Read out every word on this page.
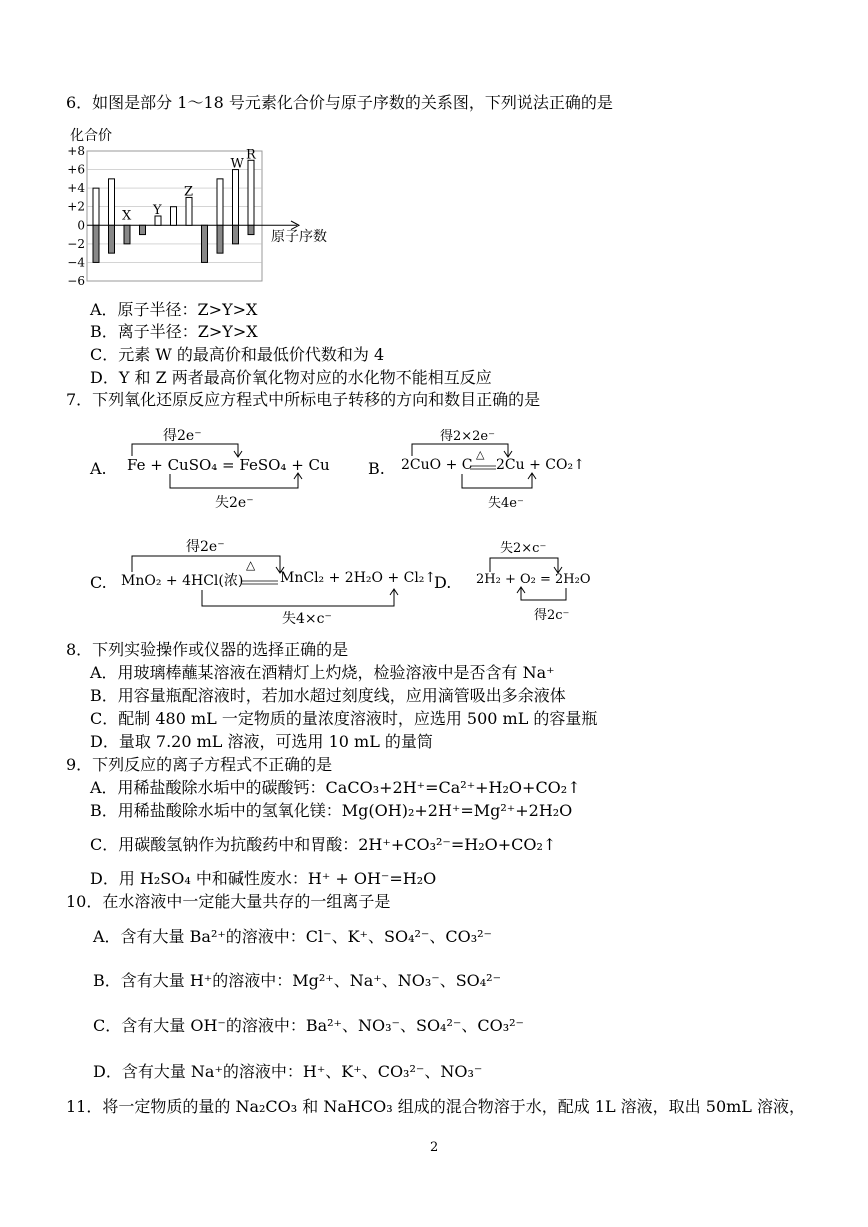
6．如图是部分 1～18 号元素化合价与原子序数的关系图，下列说法正确的是
化合价
+8
+6
+4
+2
0
−2
−4
−6
X Y
Z
W
R
原子序数
A．原子半径：Z>Y>X
B．离子半径：Z>Y>X
C．元素 W 的最高价和最低价代数和为 4
D．Y 和 Z 两者最高价氧化物对应的水化物不能相互反应
7．下列氧化还原反应方程式中所标电子转移的方向和数目正确的是
A.
得2e⁻
Fe + CuSO₄ = FeSO₄ + Cu
失2e⁻
B.
得2×2e⁻
2CuO + C
△
2Cu + CO₂↑
失4e⁻
C.
得2e⁻
MnO₂ + 4HCl(浓)
△
MnCl₂ + 2H₂O + Cl₂↑
失4×c⁻
D.
失2×c⁻
2H₂ + O₂ = 2H₂O
得2c⁻
8．下列实验操作或仪器的选择正确的是
A．用玻璃棒蘸某溶液在酒精灯上灼烧，检验溶液中是否含有 Na⁺
B．用容量瓶配溶液时，若加水超过刻度线，应用滴管吸出多余液体
C．配制 480 mL 一定物质的量浓度溶液时，应选用 500 mL 的容量瓶
D．量取 7.20 mL 溶液，可选用 10 mL 的量筒
9．下列反应的离子方程式不正确的是
A．用稀盐酸除水垢中的碳酸钙：CaCO₃+2H⁺=Ca²⁺+H₂O+CO₂↑
B．用稀盐酸除水垢中的氢氧化镁：Mg(OH)₂+2H⁺=Mg²⁺+2H₂O
C．用碳酸氢钠作为抗酸药中和胃酸：2H⁺+CO₃²⁻=H₂O+CO₂↑
D．用 H₂SO₄ 中和碱性废水：H⁺ + OH⁻=H₂O
10．在水溶液中一定能大量共存的一组离子是
A．含有大量 Ba²⁺的溶液中：Cl⁻、K⁺、SO₄²⁻、CO₃²⁻
B．含有大量 H⁺的溶液中：Mg²⁺、Na⁺、NO₃⁻、SO₄²⁻
C．含有大量 OH⁻的溶液中：Ba²⁺、NO₃⁻、SO₄²⁻、CO₃²⁻
D．含有大量 Na⁺的溶液中：H⁺、K⁺、CO₃²⁻、NO₃⁻
11．将一定物质的量的 Na₂CO₃ 和 NaHCO₃ 组成的混合物溶于水，配成 1L 溶液，取出 50mL 溶液，
2
